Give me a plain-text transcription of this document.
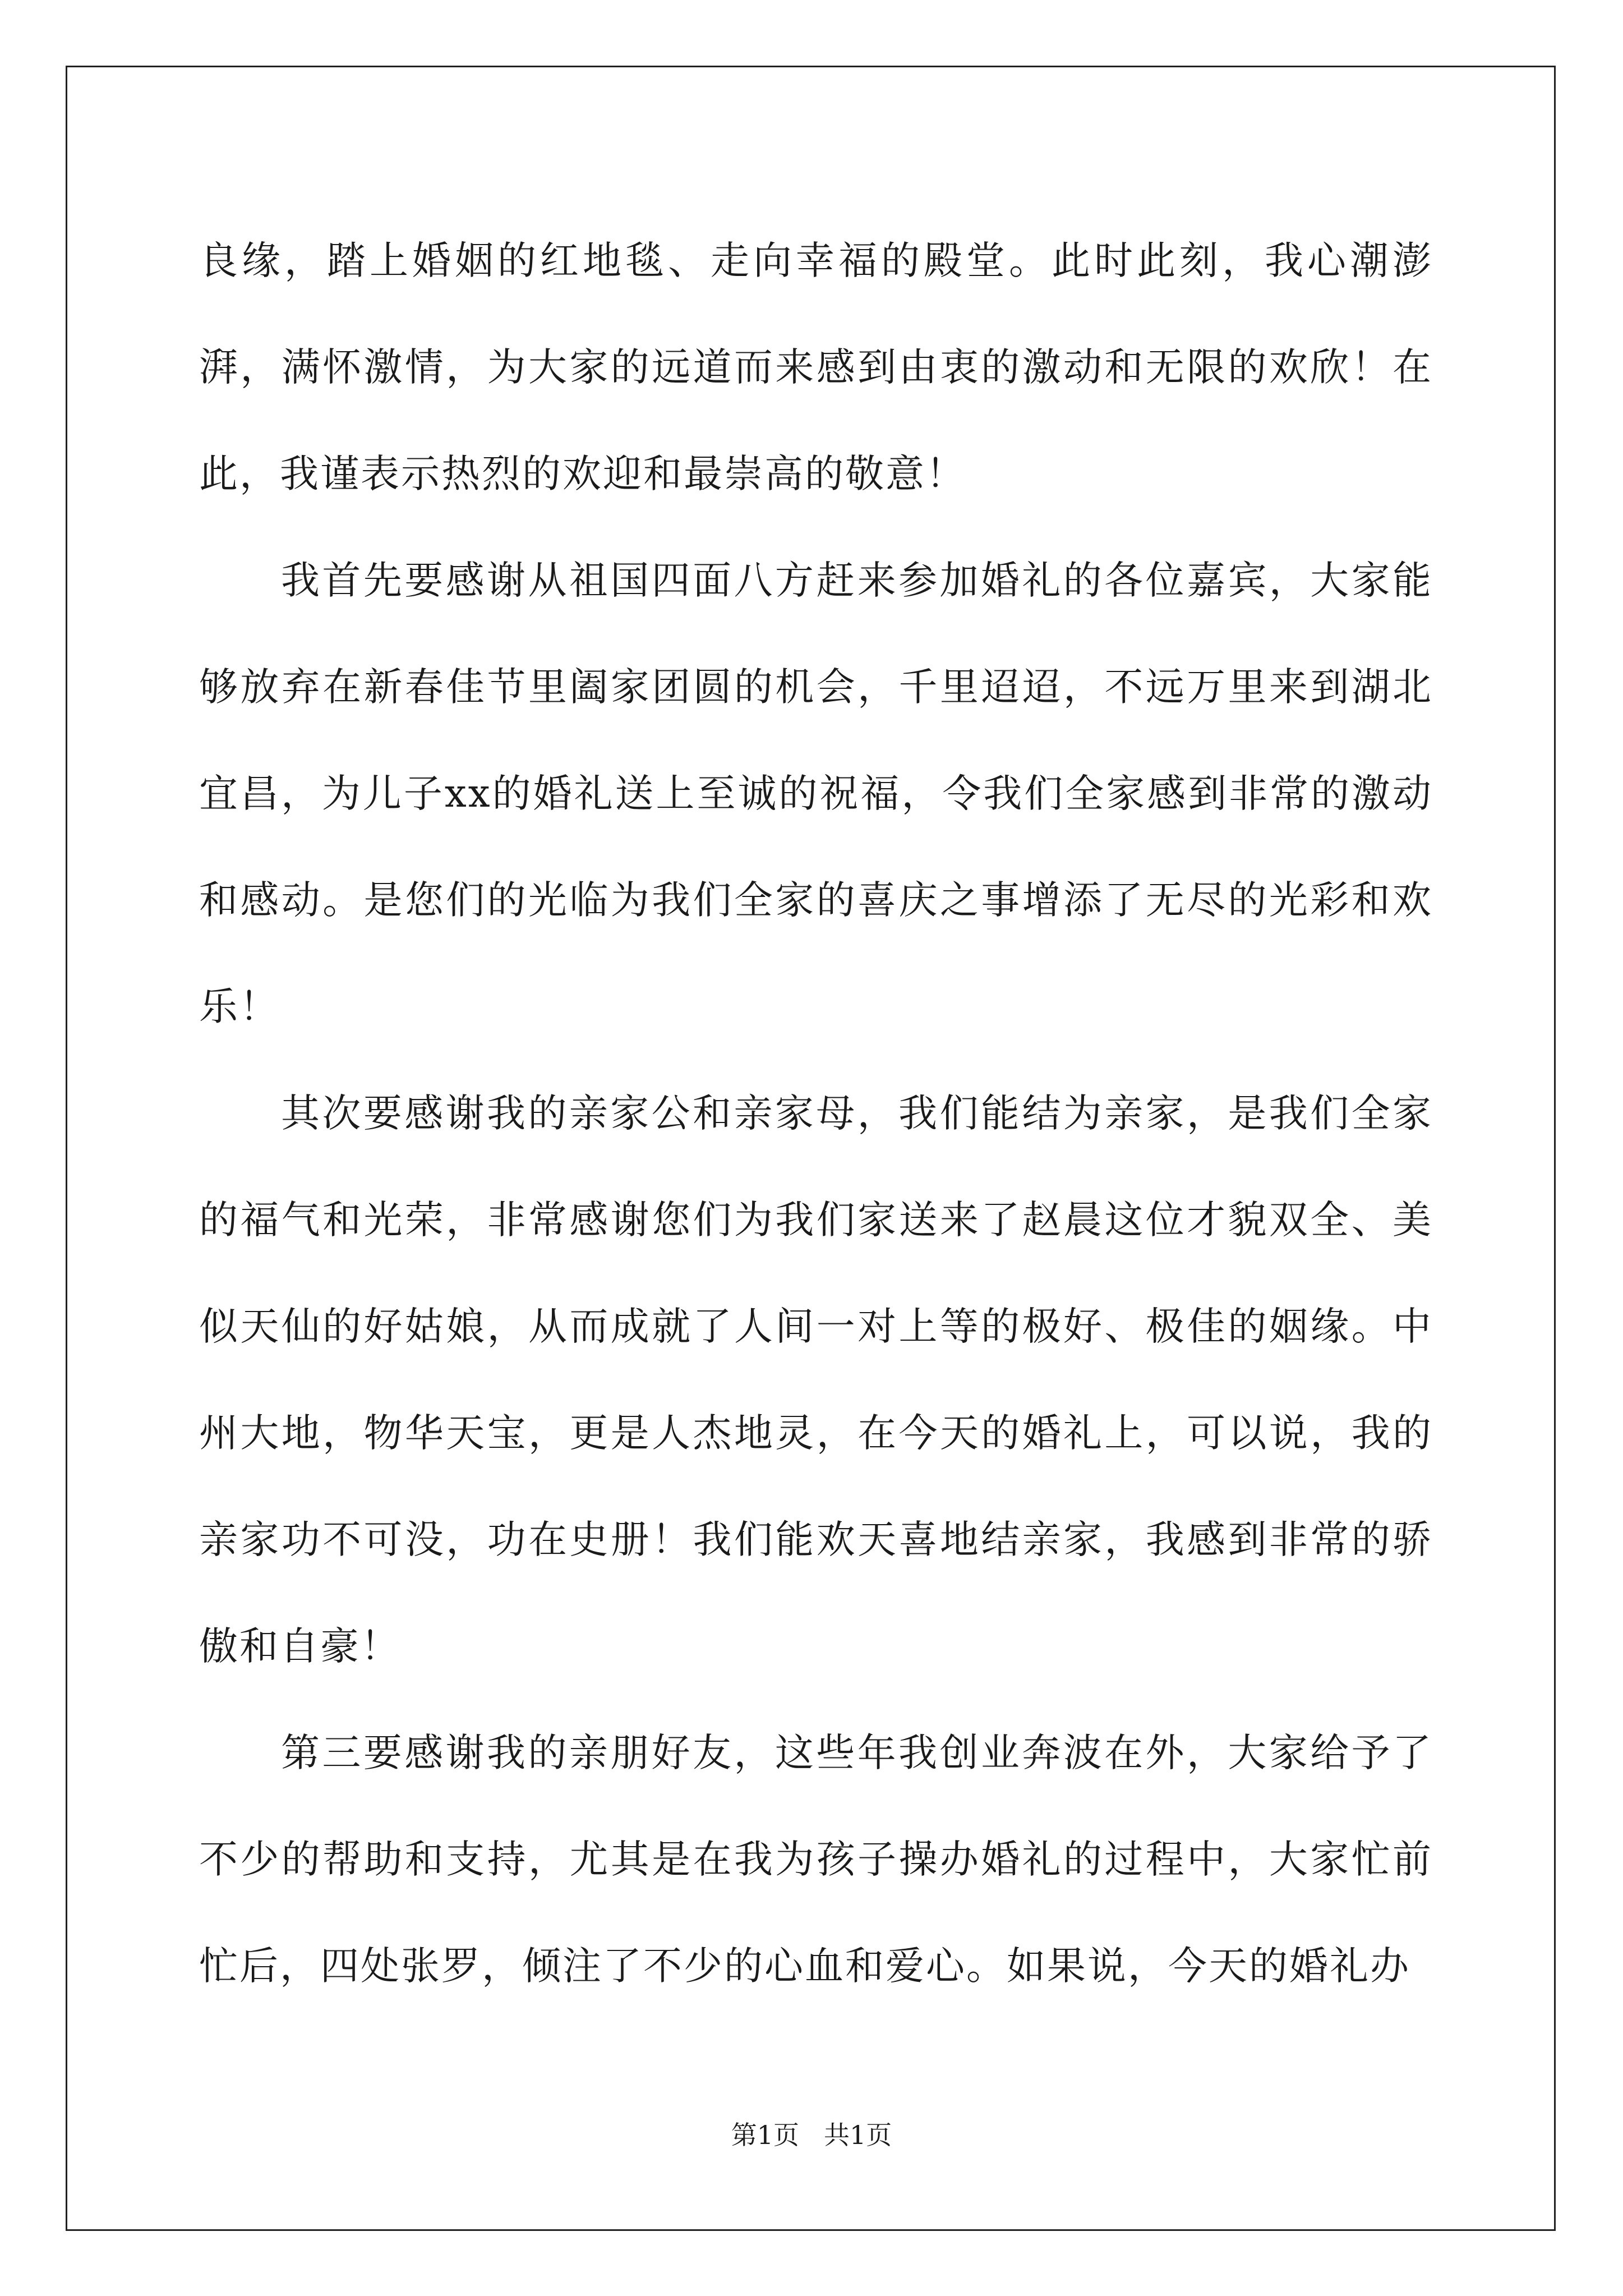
良缘，踏上婚姻的红地毯、走向幸福的殿堂。此时此刻，我心潮澎湃，满怀激情，为大家的远道而来感到由衷的激动和无限的欢欣！在此，我谨表示热烈的欢迎和最崇高的敬意！

我首先要感谢从祖国四面八方赶来参加婚礼的各位嘉宾，大家能够放弃在新春佳节里阖家团圆的机会，千里迢迢，不远万里来到湖北宜昌，为儿子xx的婚礼送上至诚的祝福，令我们全家感到非常的激动和感动。是您们的光临为我们全家的喜庆之事增添了无尽的光彩和欢乐！

其次要感谢我的亲家公和亲家母，我们能结为亲家，是我们全家的福气和光荣，非常感谢您们为我们家送来了赵晨这位才貌双全、美似天仙的好姑娘，从而成就了人间一对上等的极好、极佳的姻缘。中州大地，物华天宝，更是人杰地灵，在今天的婚礼上，可以说，我的亲家功不可没，功在史册！我们能欢天喜地结亲家，我感到非常的骄傲和自豪！

第三要感谢我的亲朋好友，这些年我创业奔波在外，大家给予了不少的帮助和支持，尤其是在我为孩子操办婚礼的过程中，大家忙前忙后，四处张罗，倾注了不少的心血和爱心。如果说，今天的婚礼办

第1页 共1页
